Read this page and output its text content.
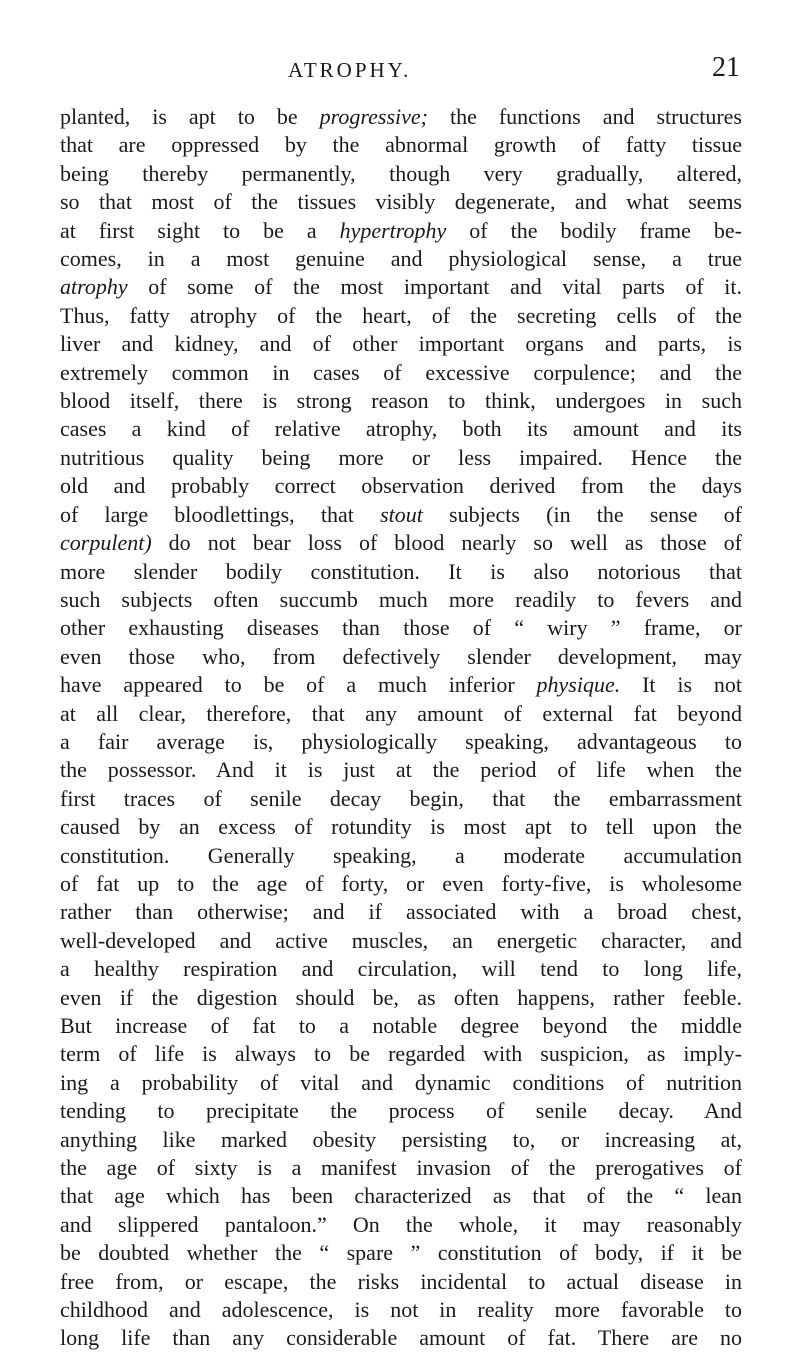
ATROPHY.	21
planted, is apt to be progressive; the functions and structures
that are oppressed by the abnormal growth of fatty tissue
being thereby permanently, though very gradually, altered,
so that most of the tissues visibly degenerate, and what seems
at first sight to be a hypertrophy of the bodily frame be-
comes, in a most genuine and physiological sense, a true
atrophy of some of the most important and vital parts of it.
Thus, fatty atrophy of the heart, of the secreting cells of the
liver and kidney, and of other important organs and parts, is
extremely common in cases of excessive corpulence; and the
blood itself, there is strong reason to think, undergoes in such
cases a kind of relative atrophy, both its amount and its
nutritious quality being more or less impaired. Hence the
old and probably correct observation derived from the days
of large bloodlettings, that stout subjects (in the sense of
corpulent) do not bear loss of blood nearly so well as those of
more slender bodily constitution. It is also notorious that
such subjects often succumb much more readily to fevers and
other exhausting diseases than those of “ wiry ” frame, or
even those who, from defectively slender development, may
have appeared to be of a much inferior physique. It is not
at all clear, therefore, that any amount of external fat beyond
a fair average is, physiologically speaking, advantageous to
the possessor. And it is just at the period of life when the
first traces of senile decay begin, that the embarrassment
caused by an excess of rotundity is most apt to tell upon the
constitution. Generally speaking, a moderate accumulation
of fat up to the age of forty, or even forty-five, is wholesome
rather than otherwise; and if associated with a broad chest,
well-developed and active muscles, an energetic character, and
a healthy respiration and circulation, will tend to long life,
even if the digestion should be, as often happens, rather feeble.
But increase of fat to a notable degree beyond the middle
term of life is always to be regarded with suspicion, as imply-
ing a probability of vital and dynamic conditions of nutrition
tending to precipitate the process of senile decay. And
anything like marked obesity persisting to, or increasing at,
the age of sixty is a manifest invasion of the prerogatives of
that age which has been characterized as that of the “ lean
and slippered pantaloon.” On the whole, it may reasonably
be doubted whether the “ spare ” constitution of body, if it be
free from, or escape, the risks incidental to actual disease in
childhood and adolescence, is not in reality more favorable to
long life than any considerable amount of fat. There are no
